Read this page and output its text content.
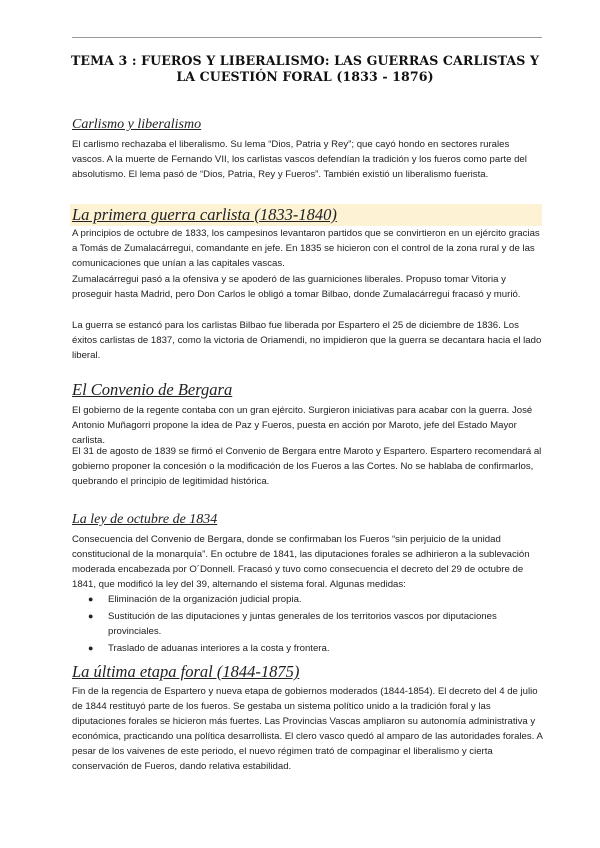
TEMA 3 : FUEROS Y LIBERALISMO: LAS GUERRAS CARLISTAS Y LA CUESTIÓN FORAL (1833 - 1876)
Carlismo y liberalismo

El carlismo rechazaba el liberalismo. Su lema “Dios, Patria y Rey”; que cayó hondo en sectores rurales vascos. A la muerte de Fernando VII, los carlistas vascos defendían la tradición y los fueros como parte del absolutismo. El lema pasó de “Dios, Patria, Rey y Fueros”. También existió un liberalismo fuerista.

La primera guerra carlista (1833-1840)

A principios de octubre de 1833, los campesinos levantaron partidos que se convirtieron en un ejército gracias a Tomás de Zumalacárregui, comandante en jefe. En 1835 se hicieron con el control de la zona rural y de las comunicaciones que unían a las capitales vascas.

Zumalacárregui pasó a la ofensiva y se apoderó de las guarniciones liberales. Propuso tomar Vitoria y proseguir hasta Madrid, pero Don Carlos le obligó a tomar Bilbao, donde Zumalacárregui fracasó y murió.

La guerra se estancó para los carlistas Bilbao fue liberada por Espartero el 25 de diciembre de 1836. Los éxitos carlistas de 1837, como la victoria de Oriamendi, no impidieron que la guerra se decantara hacia el lado liberal.

El Convenio de Bergara

El gobierno de la regente contaba con un gran ejército. Surgieron iniciativas para acabar con la guerra. José Antonio Muñagorri propone la idea de Paz y Fueros, puesta en acción por Maroto, jefe del Estado Mayor carlista.

El 31 de agosto de 1839 se firmó el Convenio de Bergara entre Maroto y Espartero. Espartero recomendará al gobierno proponer la concesión o la modificación de los Fueros a las Cortes. No se hablaba de confirmarlos, quebrando el principio de legitimidad histórica.

La ley de octubre de 1834

Consecuencia del Convenio de Bergara, donde se confirmaban los Fueros “sin perjuicio de la unidad constitucional de la monarquía”. En octubre de 1841, las diputaciones forales se adhirieron a la sublevación moderada encabezada por O´Donnell. Fracasó y tuvo como consecuencia el decreto del 29 de octubre de 1841, que modificó la ley del 39, alternando el sistema foral. Algunas medidas:

● Eliminación de la organización judicial propia.
● Sustitución de las diputaciones y juntas generales de los territorios vascos por diputaciones provinciales.
● Traslado de aduanas interiores a la costa y frontera.
La última etapa foral (1844-1875)

Fin de la regencia de Espartero y nueva etapa de gobiernos moderados (1844-1854). El decreto del 4 de julio de 1844 restituyó parte de los fueros. Se gestaba un sistema político unido a la tradición foral y las diputaciones forales se hicieron más fuertes. Las Provincias Vascas ampliaron su autonomía administrativa y económica, practicando una política desarrollista. El clero vasco quedó al amparo de las autoridades forales. A pesar de los vaivenes de este periodo, el nuevo régimen trató de compaginar el liberalismo y cierta conservación de Fueros, dando relativa estabilidad.
